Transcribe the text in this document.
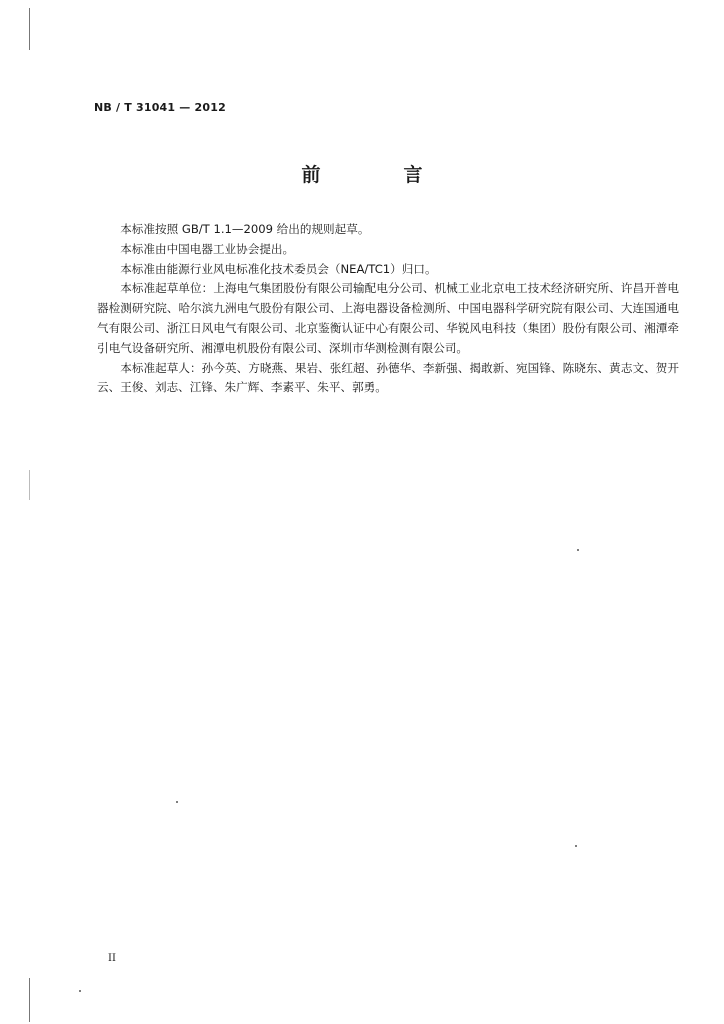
NB / T 31041 — 2012
前　言

本标准按照 GB/T 1.1—2009 给出的规则起草。

本标准由中国电器工业协会提出。

本标准由能源行业风电标准化技术委员会（NEA/TC1）归口。

本标准起草单位：上海电气集团股份有限公司输配电分公司、机械工业北京电工技术经济研究所、许昌开普电器检测研究院、哈尔滨九洲电气股份有限公司、上海电器设备检测所、中国电器科学研究院有限公司、大连国通电气有限公司、浙江日风电气有限公司、北京鉴衡认证中心有限公司、华锐风电科技（集团）股份有限公司、湘潭牵引电气设备研究所、湘潭电机股份有限公司、深圳市华测检测有限公司。

本标准起草人：孙今英、方晓燕、果岩、张红超、孙德华、李新强、揭敢新、宛国锋、陈晓东、黄志文、贺开云、王俊、刘志、江锋、朱广辉、李素平、朱平、郭勇。

II
